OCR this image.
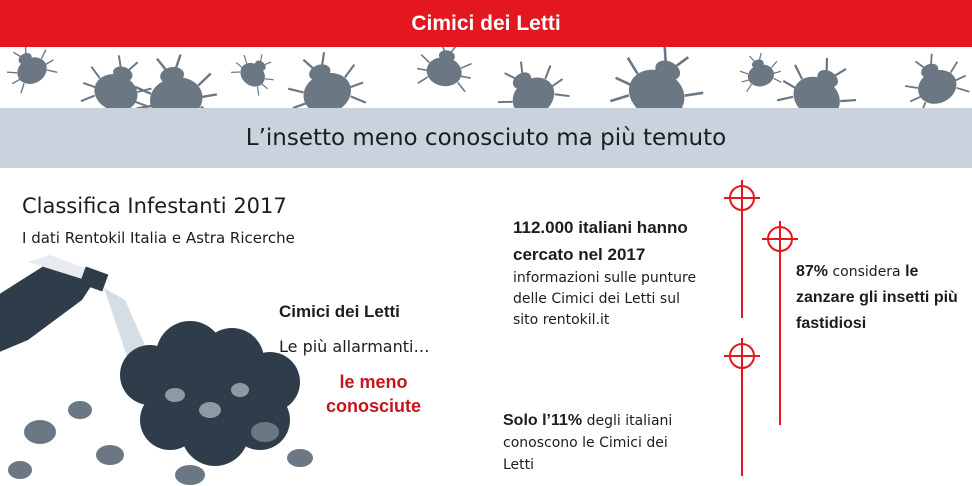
Cimici dei Letti
L’insetto meno conosciuto ma più temuto
Classifica Infestanti 2017
I dati Rentokil Italia e Astra Ricerche
Cimici dei Letti
Le più allarmanti…
le meno
conosciute
112.000 italiani hanno
cercato nel 2017
informazioni sulle punture
delle Cimici dei Letti sul
sito rentokil.it
87% considera le
zanzare gli insetti più
fastidiosi
Solo l’11% degli italiani
conoscono le Cimici dei
Letti
